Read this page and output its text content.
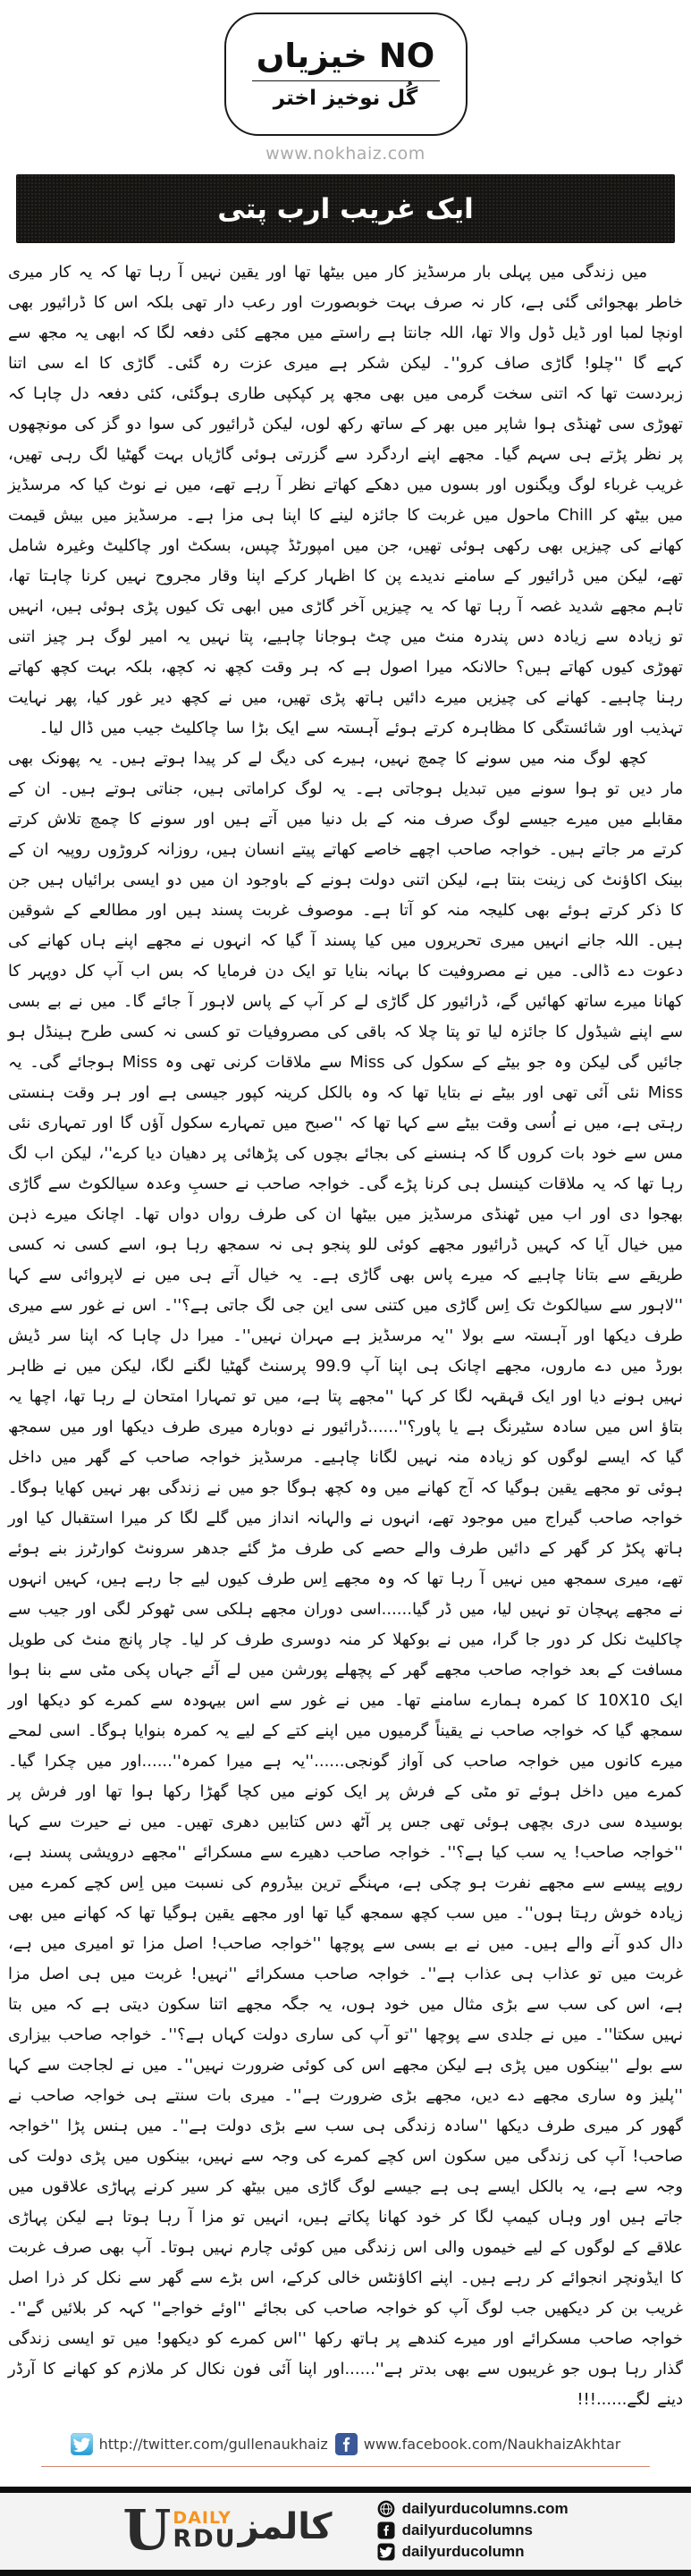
NO خیزیاں
گُل نوخیز اختر
www.nokhaiz.com
ایک غریب ارب پتی

میں زندگی میں پہلی بار مرسڈیز کار میں بیٹھا تھا اور یقین نہیں آ رہا تھا کہ یہ کار میری خاطر بھجوائی گئی ہے، کار نہ صرف بہت خوبصورت اور رعب دار تھی بلکہ اس کا ڈرائیور بھی اونچا لمبا اور ڈیل ڈول والا تھا، اللہ جانتا ہے راستے میں مجھے کئی دفعہ لگا کہ ابھی یہ مجھ سے کہے گا ''چلو! گاڑی صاف کرو''۔ لیکن شکر ہے میری عزت رہ گئی۔ گاڑی کا اے سی اتنا زبردست تھا کہ اتنی سخت گرمی میں بھی مجھ پر کپکپی طاری ہوگئی، کئی دفعہ دل چاہا کہ تھوڑی سی ٹھنڈی ہوا شاپر میں بھر کے ساتھ رکھ لوں، لیکن ڈرائیور کی سوا دو گز کی مونچھوں پر نظر پڑتے ہی سہم گیا۔ مجھے اپنے اردگرد سے گزرتی ہوئی گاڑیاں بہت گھٹیا لگ رہی تھیں، غریب غرباء لوگ ویگنوں اور بسوں میں دھکے کھاتے نظر آ رہے تھے، میں نے نوٹ کیا کہ مرسڈیز میں بیٹھ کر Chill ماحول میں غربت کا جائزہ لینے کا اپنا ہی مزا ہے۔ مرسڈیز میں بیش قیمت کھانے کی چیزیں بھی رکھی ہوئی تھیں، جن میں امپورٹڈ چپس، بسکٹ اور چاکلیٹ وغیرہ شامل تھے، لیکن میں ڈرائیور کے سامنے ندیدے پن کا اظہار کرکے اپنا وقار مجروح نہیں کرنا چاہتا تھا، تاہم مجھے شدید غصہ آ رہا تھا کہ یہ چیزیں آخر گاڑی میں ابھی تک کیوں پڑی ہوئی ہیں، انہیں تو زیادہ سے زیادہ دس پندرہ منٹ میں چٹ ہوجانا چاہیے، پتا نہیں یہ امیر لوگ ہر چیز اتنی تھوڑی کیوں کھاتے ہیں؟ حالانکہ میرا اصول ہے کہ ہر وقت کچھ نہ کچھ، بلکہ بہت کچھ کھاتے رہنا چاہیے۔ کھانے کی چیزیں میرے دائیں ہاتھ پڑی تھیں، میں نے کچھ دیر غور کیا، پھر نہایت تہذیب اور شائستگی کا مظاہرہ کرتے ہوئے آہستہ سے ایک بڑا سا چاکلیٹ جیب میں ڈال لیا۔

کچھ لوگ منہ میں سونے کا چمچ نہیں، ہیرے کی دیگ لے کر پیدا ہوتے ہیں۔ یہ پھونک بھی مار دیں تو ہوا سونے میں تبدیل ہوجاتی ہے۔ یہ لوگ کراماتی ہیں، جناتی ہوتے ہیں۔ ان کے مقابلے میں میرے جیسے لوگ صرف منہ کے بل دنیا میں آتے ہیں اور سونے کا چمچ تلاش کرتے کرتے مر جاتے ہیں۔ خواجہ صاحب اچھے خاصے کھاتے پیتے انسان ہیں، روزانہ کروڑوں روپیہ ان کے بینک اکاؤنٹ کی زینت بنتا ہے، لیکن اتنی دولت ہونے کے باوجود ان میں دو ایسی برائیاں ہیں جن کا ذکر کرتے ہوئے بھی کلیجہ منہ کو آتا ہے۔ موصوف غربت پسند ہیں اور مطالعے کے شوقین ہیں۔ اللہ جانے انہیں میری تحریروں میں کیا پسند آ گیا کہ انہوں نے مجھے اپنے ہاں کھانے کی دعوت دے ڈالی۔ میں نے مصروفیت کا بہانہ بنایا تو ایک دن فرمایا کہ بس اب آپ کل دوپہر کا کھانا میرے ساتھ کھائیں گے، ڈرائیور کل گاڑی لے کر آپ کے پاس لاہور آ جائے گا۔ میں نے بے بسی سے اپنے شیڈول کا جائزہ لیا تو پتا چلا کہ باقی کی مصروفیات تو کسی نہ کسی طرح ہینڈل ہو جائیں گی لیکن وہ جو بیٹے کے سکول کی Miss سے ملاقات کرنی تھی وہ Miss ہوجائے گی۔ یہ Miss نئی آئی تھی اور بیٹے نے بتایا تھا کہ وہ بالکل کرینہ کپور جیسی ہے اور ہر وقت ہنستی رہتی ہے، میں نے اُسی وقت بیٹے سے کہا تھا کہ ''صبح میں تمہارے سکول آؤں گا اور تمہاری نئی مس سے خود بات کروں گا کہ ہنسنے کی بجائے بچوں کی پڑھائی پر دھیان دیا کرے''، لیکن اب لگ رہا تھا کہ یہ ملاقات کینسل ہی کرنا پڑے گی۔ خواجہ صاحب نے حسبِ وعدہ سیالکوٹ سے گاڑی بھجوا دی اور اب میں ٹھنڈی مرسڈیز میں بیٹھا ان کی طرف رواں دواں تھا۔ اچانک میرے ذہن میں خیال آیا کہ کہیں ڈرائیور مجھے کوئی للو پنجو ہی نہ سمجھ رہا ہو، اسے کسی نہ کسی طریقے سے بتانا چاہیے کہ میرے پاس بھی گاڑی ہے۔ یہ خیال آتے ہی میں نے لاپروائی سے کہا ''لاہور سے سیالکوٹ تک اِس گاڑی میں کتنی سی این جی لگ جاتی ہے؟''۔ اس نے غور سے میری طرف دیکھا اور آہستہ سے بولا ''یہ مرسڈیز ہے مہران نہیں''۔ میرا دل چاہا کہ اپنا سر ڈیش بورڈ میں دے ماروں، مجھے اچانک ہی اپنا آپ 99.9 پرسنٹ گھٹیا لگنے لگا، لیکن میں نے ظاہر نہیں ہونے دیا اور ایک قہقہہ لگا کر کہا ''مجھے پتا ہے، میں تو تمہارا امتحان لے رہا تھا، اچھا یہ بتاؤ اس میں سادہ سٹیرنگ ہے یا پاور؟''......ڈرائیور نے دوبارہ میری طرف دیکھا اور میں سمجھ گیا کہ ایسے لوگوں کو زیادہ منہ نہیں لگانا چاہیے۔ مرسڈیز خواجہ صاحب کے گھر میں داخل ہوئی تو مجھے یقین ہوگیا کہ آج کھانے میں وہ کچھ ہوگا جو میں نے زندگی بھر نہیں کھایا ہوگا۔ خواجہ صاحب گیراج میں موجود تھے، انہوں نے والہانہ انداز میں گلے لگا کر میرا استقبال کیا اور ہاتھ پکڑ کر گھر کے دائیں طرف والے حصے کی طرف مڑ گئے جدھر سرونٹ کوارٹرز بنے ہوئے تھے، میری سمجھ میں نہیں آ رہا تھا کہ وہ مجھے اِس طرف کیوں لیے جا رہے ہیں، کہیں انہوں نے مجھے پہچان تو نہیں لیا، میں ڈر گیا......اسی دوران مجھے ہلکی سی ٹھوکر لگی اور جیب سے چاکلیٹ نکل کر دور جا گرا، میں نے بوکھلا کر منہ دوسری طرف کر لیا۔ چار پانچ منٹ کی طویل مسافت کے بعد خواجہ صاحب مجھے گھر کے پچھلے پورشن میں لے آئے جہاں پکی مٹی سے بنا ہوا ایک 10X10 کا کمرہ ہمارے سامنے تھا۔ میں نے غور سے اس بیہودہ سے کمرے کو دیکھا اور سمجھ گیا کہ خواجہ صاحب نے یقیناً گرمیوں میں اپنے کتے کے لیے یہ کمرہ بنوایا ہوگا۔ اسی لمحے میرے کانوں میں خواجہ صاحب کی آواز گونجی......''یہ ہے میرا کمرہ''......اور میں چکرا گیا۔ کمرے میں داخل ہوئے تو مٹی کے فرش پر ایک کونے میں کچا گھڑا رکھا ہوا تھا اور فرش پر بوسیدہ سی دری بچھی ہوئی تھی جس پر آٹھ دس کتابیں دھری تھیں۔ میں نے حیرت سے کہا ''خواجہ صاحب! یہ سب کیا ہے؟''۔ خواجہ صاحب دھیرے سے مسکرائے ''مجھے درویشی پسند ہے، روپے پیسے سے مجھے نفرت ہو چکی ہے، مہنگے ترین بیڈروم کی نسبت میں اِس کچے کمرے میں زیادہ خوش رہتا ہوں''۔ میں سب کچھ سمجھ گیا تھا اور مجھے یقین ہوگیا تھا کہ کھانے میں بھی دال کدو آنے والے ہیں۔ میں نے بے بسی سے پوچھا ''خواجہ صاحب! اصل مزا تو امیری میں ہے، غربت میں تو عذاب ہی عذاب ہے''۔ خواجہ صاحب مسکرائے ''نہیں! غربت میں ہی اصل مزا ہے، اس کی سب سے بڑی مثال میں خود ہوں، یہ جگہ مجھے اتنا سکون دیتی ہے کہ میں بتا نہیں سکتا''۔ میں نے جلدی سے پوچھا ''تو آپ کی ساری دولت کہاں ہے؟''۔ خواجہ صاحب بیزاری سے بولے ''بینکوں میں پڑی ہے لیکن مجھے اس کی کوئی ضرورت نہیں''۔ میں نے لجاجت سے کہا ''پلیز وہ ساری مجھے دے دیں، مجھے بڑی ضرورت ہے''۔ میری بات سنتے ہی خواجہ صاحب نے گھور کر میری طرف دیکھا ''سادہ زندگی ہی سب سے بڑی دولت ہے''۔ میں ہنس پڑا ''خواجہ صاحب! آپ کی زندگی میں سکون اس کچے کمرے کی وجہ سے نہیں، بینکوں میں پڑی دولت کی وجہ سے ہے، یہ بالکل ایسے ہی ہے جیسے لوگ گاڑی میں بیٹھ کر سیر کرنے پہاڑی علاقوں میں جاتے ہیں اور وہاں کیمپ لگا کر خود کھانا پکاتے ہیں، انہیں تو مزا آ رہا ہوتا ہے لیکن پہاڑی علاقے کے لوگوں کے لیے خیموں والی اس زندگی میں کوئی چارم نہیں ہوتا۔ آپ بھی صرف غربت کا ایڈونچر انجوائے کر رہے ہیں۔ اپنے اکاؤنٹس خالی کرکے، اس بڑے سے گھر سے نکل کر ذرا اصل غریب بن کر دیکھیں جب لوگ آپ کو خواجہ صاحب کی بجائے ''اوئے خواجے'' کہہ کر بلائیں گے''۔ خواجہ صاحب مسکرائے اور میرے کندھے پر ہاتھ رکھا ''اس کمرے کو دیکھو! میں تو ایسی زندگی گذار رہا ہوں جو غریبوں سے بھی بدتر ہے''......اور اپنا آئی فون نکال کر ملازم کو کھانے کا آرڈر دینے لگے......!!!

http://twitter.com/gullenaukhaiz	www.facebook.com/NaukhaizAkhtar
U DAILY
RDU کالمز	dailyurducolumns.com
dailyurducolumns
dailyurducolumn
